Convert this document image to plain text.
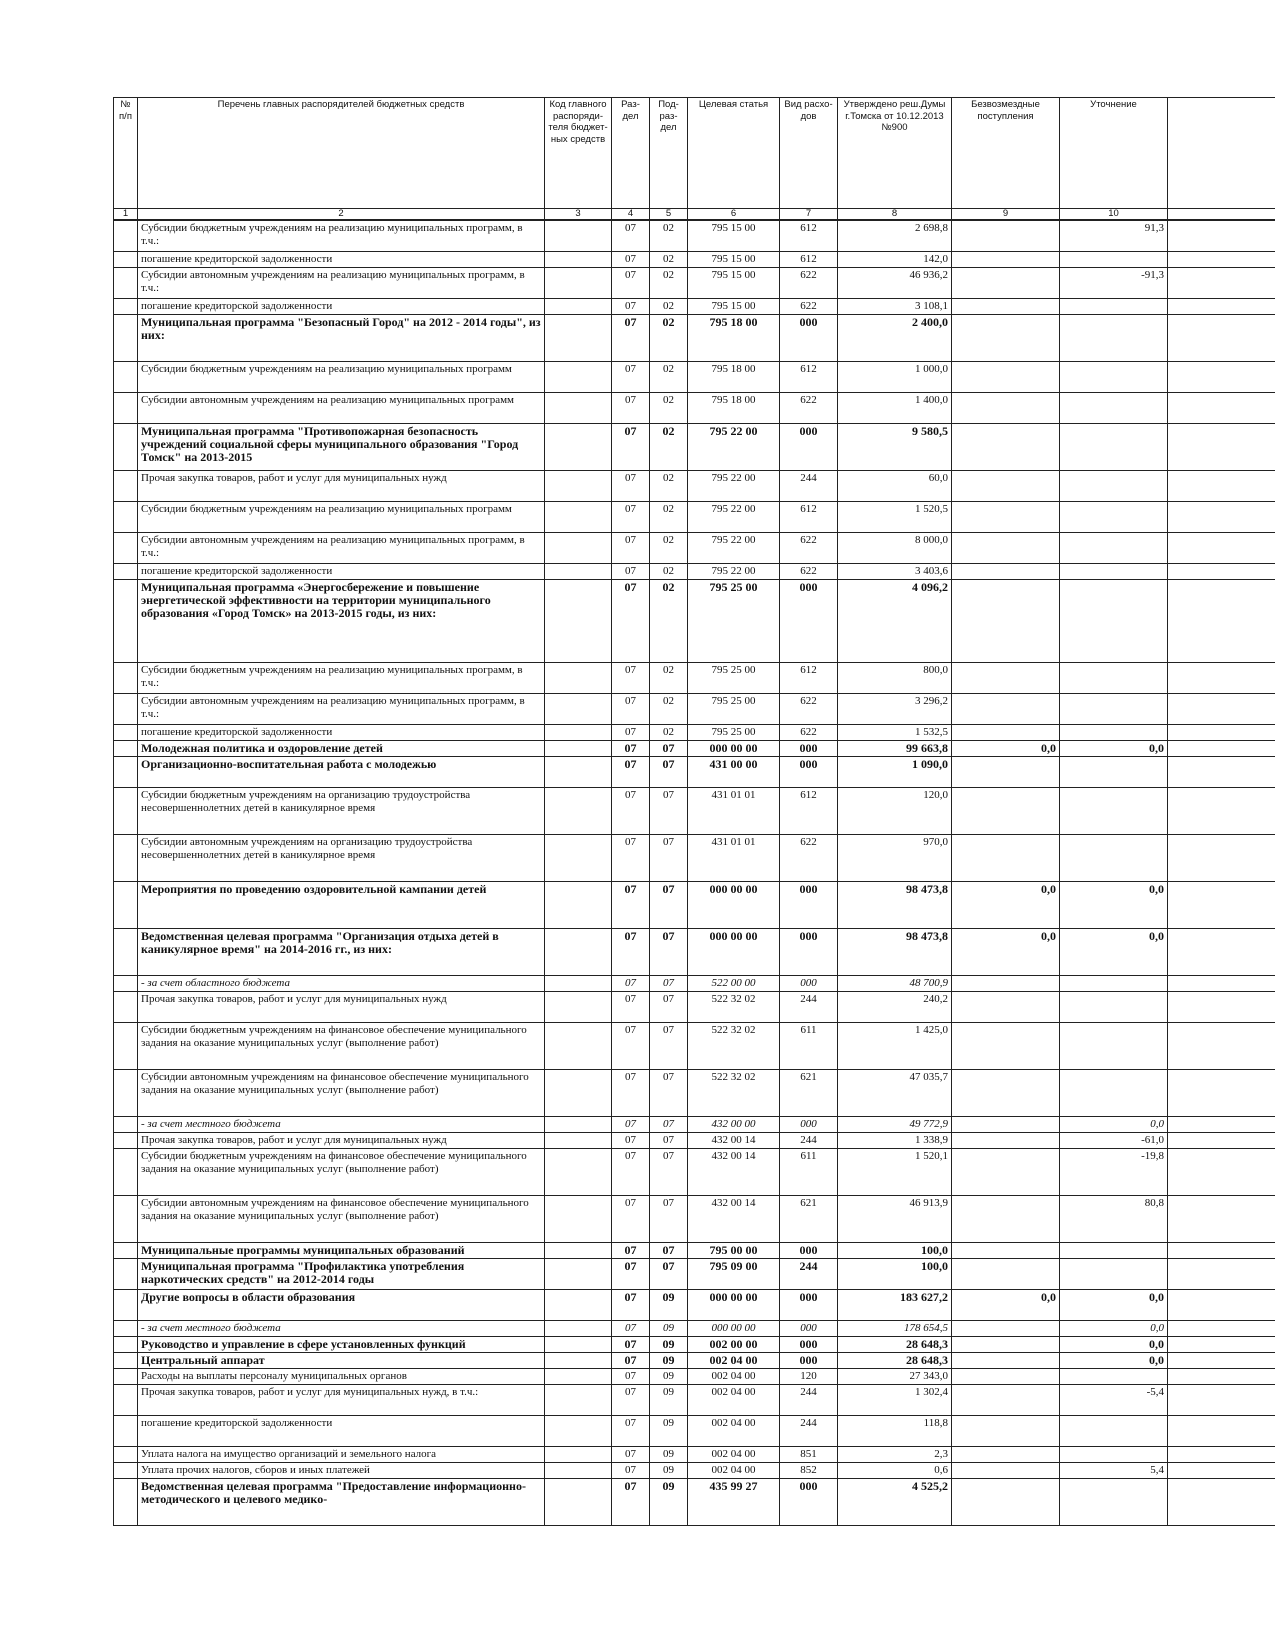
№ п/п	Перечень главных распорядителей бюджетных средств	Код главного распоряди-теля бюджет-ных средств	Раз-дел	Под-раз-дел	Целевая статья	Вид расхо-дов	Утверждено реш.Думы г.Томска от 10.12.2013 №900	Безвозмездные поступления	Уточнение	
1	2	3	4	5	6	7	8	9	10	
	Субсидии бюджетным учреждениям на реализацию муниципальных программ, в т.ч.:		07	02	795 15 00	612	2 698,8		91,3	
	погашение кредиторской задолженности		07	02	795 15 00	612	142,0			
	Субсидии автономным учреждениям на реализацию муниципальных программ, в т.ч.:		07	02	795 15 00	622	46 936,2		-91,3	
	погашение кредиторской задолженности		07	02	795 15 00	622	3 108,1			
	Муниципальная программа "Безопасный Город" на 2012 - 2014 годы", из них:		07	02	795 18 00	000	2 400,0			
	Субсидии бюджетным учреждениям на реализацию муниципальных программ		07	02	795 18 00	612	1 000,0			
	Субсидии автономным учреждениям на реализацию муниципальных программ		07	02	795 18 00	622	1 400,0			
	Муниципальная программа "Противопожарная безопасность учреждений социальной сферы муниципального образования "Город Томск" на 2013-2015		07	02	795 22 00	000	9 580,5			
	Прочая закупка товаров, работ и услуг для муниципальных нужд		07	02	795 22 00	244	60,0			
	Субсидии бюджетным учреждениям на реализацию муниципальных программ		07	02	795 22 00	612	1 520,5			
	Субсидии автономным учреждениям на реализацию муниципальных программ, в т.ч.:		07	02	795 22 00	622	8 000,0			
	погашение кредиторской задолженности		07	02	795 22 00	622	3 403,6			
	Муниципальная программа «Энергосбережение и повышение энергетической эффективности на территории муниципального образования «Город Томск» на 2013-2015 годы, из них:		07	02	795 25 00	000	4 096,2			
	Субсидии бюджетным учреждениям на реализацию муниципальных программ, в т.ч.:		07	02	795 25 00	612	800,0			
	Субсидии автономным учреждениям на реализацию муниципальных программ, в т.ч.:		07	02	795 25 00	622	3 296,2			
	погашение кредиторской задолженности		07	02	795 25 00	622	1 532,5			
	Молодежная политика и оздоровление детей		07	07	000 00 00	000	99 663,8	0,0	0,0	
	Организационно-воспитательная работа с молодежью		07	07	431 00 00	000	1 090,0			
	Субсидии бюджетным учреждениям на организацию трудоустройства несовершеннолетних детей в каникулярное время		07	07	431 01 01	612	120,0			
	Субсидии автономным учреждениям на организацию трудоустройства несовершеннолетних детей в каникулярное время		07	07	431 01 01	622	970,0			
	Мероприятия по проведению оздоровительной кампании детей		07	07	000 00 00	000	98 473,8	0,0	0,0	
	Ведомственная целевая программа "Организация отдыха детей в каникулярное время" на 2014-2016 гг., из них:		07	07	000 00 00	000	98 473,8	0,0	0,0	
	- за счет областного бюджета		07	07	522 00 00	000	48 700,9			
	Прочая закупка товаров, работ и услуг для муниципальных нужд		07	07	522 32 02	244	240,2			
	Субсидии бюджетным учреждениям на финансовое обеспечение муниципального задания на оказание муниципальных услуг (выполнение работ)		07	07	522 32 02	611	1 425,0			
	Субсидии автономным учреждениям на финансовое обеспечение муниципального задания на оказание муниципальных услуг (выполнение работ)		07	07	522 32 02	621	47 035,7			
	- за счет местного бюджета		07	07	432 00 00	000	49 772,9		0,0	
	Прочая закупка товаров, работ и услуг для муниципальных нужд		07	07	432 00 14	244	1 338,9		-61,0	
	Субсидии бюджетным учреждениям на финансовое обеспечение муниципального задания на оказание муниципальных услуг (выполнение работ)		07	07	432 00 14	611	1 520,1		-19,8	
	Субсидии автономным учреждениям на финансовое обеспечение муниципального задания на оказание муниципальных услуг (выполнение работ)		07	07	432 00 14	621	46 913,9		80,8	
	Муниципальные программы муниципальных образований		07	07	795 00 00	000	100,0			
	Муниципальная программа "Профилактика употребления наркотических средств" на 2012-2014 годы		07	07	795 09 00	244	100,0			
	Другие вопросы в области образования		07	09	000 00 00	000	183 627,2	0,0	0,0	
	- за счет местного бюджета		07	09	000 00 00	000	178 654,5		0,0	
	Руководство и управление в сфере установленных функций		07	09	002 00 00	000	28 648,3		0,0	
	Центральный аппарат		07	09	002 04 00	000	28 648,3		0,0	
	Расходы на выплаты персоналу муниципальных органов		07	09	002 04 00	120	27 343,0			
	Прочая закупка товаров, работ и услуг для муниципальных нужд, в т.ч.:		07	09	002 04 00	244	1 302,4		-5,4	
	погашение кредиторской задолженности		07	09	002 04 00	244	118,8			
	Уплата налога на имущество организаций и земельного налога		07	09	002 04 00	851	2,3			
	Уплата прочих налогов, сборов и иных платежей		07	09	002 04 00	852	0,6		5,4	
	Ведомственная целевая программа "Предоставление информационно-методического и целевого медико-		07	09	435 99 27	000	4 525,2			
